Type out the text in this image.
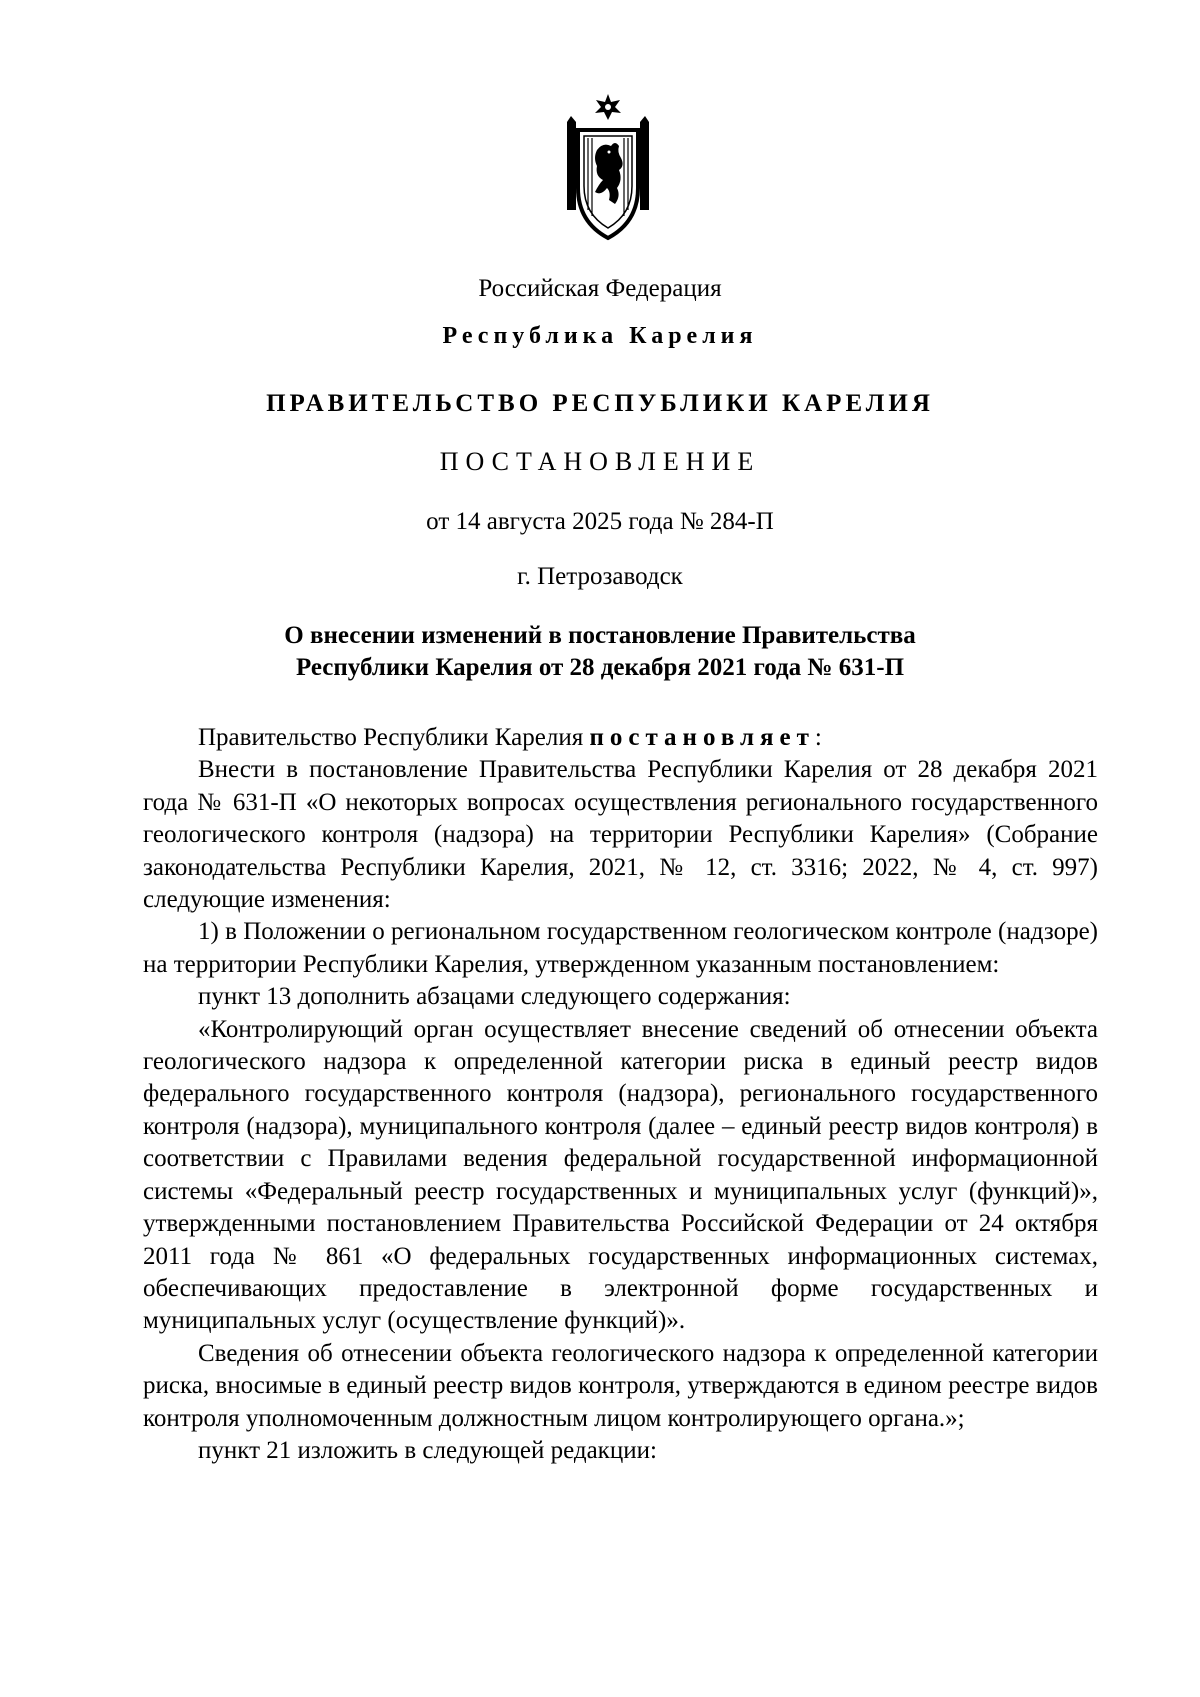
Российская Федерация
Республика Карелия
ПРАВИТЕЛЬСТВО РЕСПУБЛИКИ КАРЕЛИЯ
ПОСТАНОВЛЕНИЕ
от 14 августа 2025 года № 284-П
г. Петрозаводск
О внесении изменений в постановление Правительства
Республики Карелия от 28 декабря 2021 года № 631-П

Правительство Республики Карелия постановляет:

Внести в постановление Правительства Республики Карелия от 28 декабря 2021 года № 631-П «О некоторых вопросах осуществления регионального государственного геологического контроля (надзора) на территории Республики Карелия» (Собрание законодательства Республики Карелия, 2021, № 12, ст. 3316; 2022, № 4, ст. 997) следующие изменения:

1) в Положении о региональном государственном геологическом контроле (надзоре) на территории Республики Карелия, утвержденном указанным постановлением:

пункт 13 дополнить абзацами следующего содержания:

«Контролирующий орган осуществляет внесение сведений об отнесении объекта геологического надзора к определенной категории риска в единый реестр видов федерального государственного контроля (надзора), регионального государственного контроля (надзора), муниципального контроля (далее – единый реестр видов контроля) в соответствии с Правилами ведения федеральной государственной информационной системы «Федеральный реестр государственных и муниципальных услуг (функций)», утвержденными постановлением Правительства Российской Федерации от 24 октября 2011 года № 861 «О федеральных государственных информационных системах, обеспечивающих предоставление в электронной форме государственных и муниципальных услуг (осуществление функций)».

Сведения об отнесении объекта геологического надзора к определенной категории риска, вносимые в единый реестр видов контроля, утверждаются в едином реестре видов контроля уполномоченным должностным лицом контролирующего органа.»;

пункт 21 изложить в следующей редакции:
